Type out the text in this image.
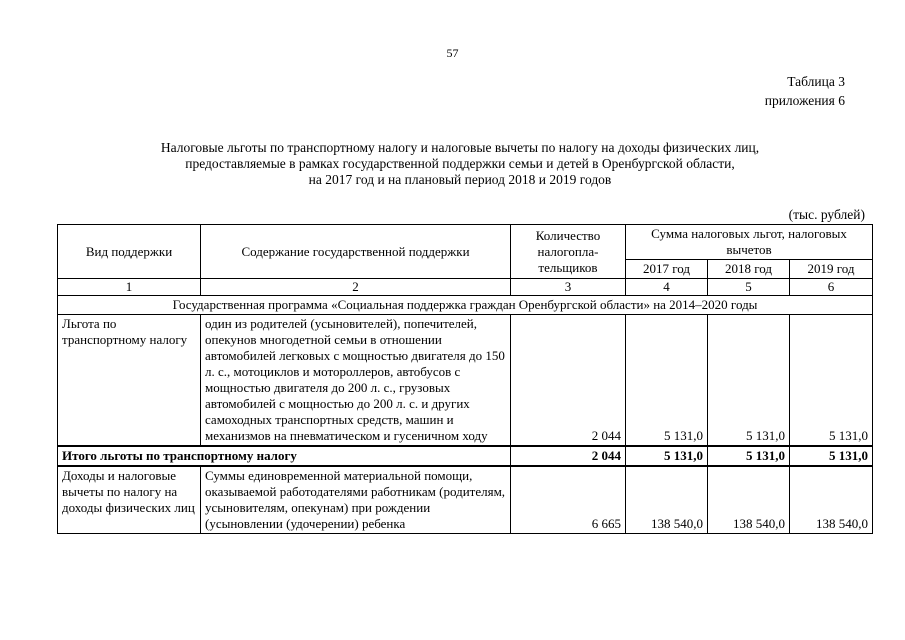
57
Таблица 3
приложения 6
Налоговые льготы по транспортному налогу и налоговые вычеты по налогу на доходы физических лиц,
предоставляемые в рамках государственной поддержки семьи и детей в Оренбургской области,
на 2017 год и на плановый период 2018 и 2019 годов
(тыс. рублей)
Вид поддержки	Содержание государственной поддержки	Количество налогопла-тельщиков	Сумма налоговых льгот, налоговых вычетов		
			2017 год	2018 год	2019 год
1	2	3	4	5	6
Государственная программа «Социальная поддержка граждан Оренбургской области» на 2014–2020 годы					
Льгота по транспортному налогу	один из родителей (усыновителей), попечителей, опекунов многодетной семьи в отношении автомобилей легковых с мощностью двигателя до 150 л. с., мотоциклов и мотороллеров, автобусов с мощностью двигателя до 200 л. с., грузовых автомобилей с мощностью до 200 л. с. и других самоходных транспортных средств, машин и механизмов на пневматическом и гусеничном ходу	2 044	5 131,0	5 131,0	5 131,0
Итого льготы по транспортному налогу		2 044	5 131,0	5 131,0	5 131,0
Доходы и налоговые вычеты по налогу на доходы физических лиц	Суммы единовременной материальной помощи, оказываемой работодателями работникам (родителям, усыновителям, опекунам) при рождении (усыновлении (удочерении) ребенка	6 665	138 540,0	138 540,0	138 540,0
